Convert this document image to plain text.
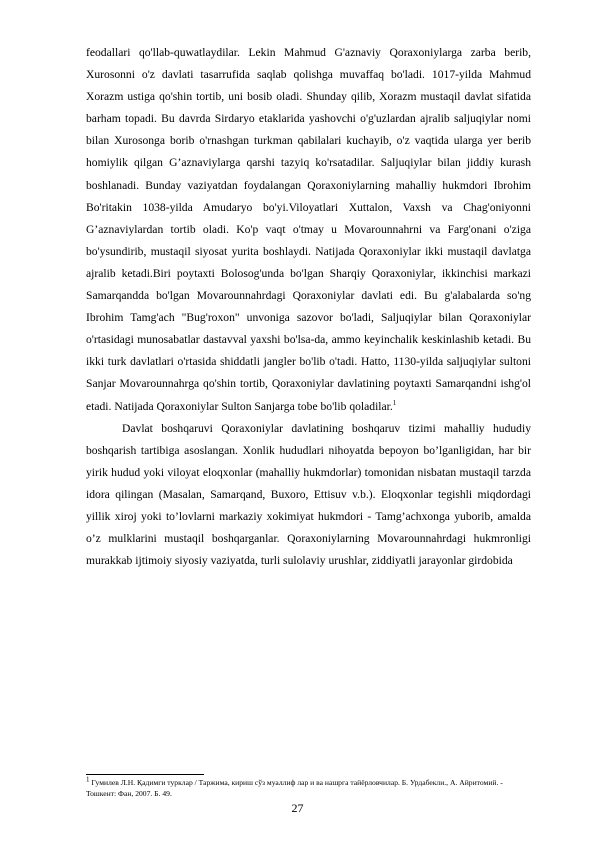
feodallari qo'llab-quwatlaydilar. Lekin Mahmud G'aznaviy Qoraxoniylarga zarba berib, Xurosonni o'z davlati tasarrufida saqlab qolishga muvaffaq bo'ladi. 1017-yilda Mahmud Xorazm ustiga qo'shin tortib, uni bosib oladi. Shunday qilib, Xorazm mustaqil davlat sifatida barham topadi. Bu davrda Sirdaryo etaklarida yashovchi o'g'uzlardan ajralib saljuqiylar nomi bilan Xurosonga borib o'rnashgan turkman qabilalari kuchayib, o'z vaqtida ularga yer berib homiylik qilgan G’aznaviylarga qarshi tazyiq ko'rsatadilar. Saljuqiylar bilan jiddiy kurash boshlanadi. Bunday vaziyatdan foydalangan Qoraxoniylarning mahalliy hukmdori Ibrohim Bo'ritakin 1038-yilda Amudaryo bo'yi.Viloyatlari Xuttalon, Vaxsh va Chag'oniyonni G’aznaviylardan tortib oladi. Ko'p vaqt o'tmay u Movarounnahrni va Farg'onani o'ziga bo'ysundirib, mustaqil siyosat yurita boshlaydi. Natijada Qoraxoniylar ikki mustaqil davlatga ajralib ketadi.Biri poytaxti Bolosog'unda bo'lgan Sharqiy Qoraxoniylar, ikkinchisi markazi Samarqandda bo'lgan Movarounnahrdagi Qoraxoniylar davlati edi. Bu g'alabalarda so'ng Ibrohim Tamg'ach "Bug'roxon" unvoniga sazovor bo'ladi, Saljuqiylar bilan Qoraxoniylar o'rtasidagi munosabatlar dastavval yaxshi bo'lsa-da, ammo keyinchalik keskinlashib ketadi. Bu ikki turk davlatlari o'rtasida shiddatli jangler bo'lib o'tadi. Hatto, 1130-yilda saljuqiylar sultoni Sanjar Movarounnahrga qo'shin tortib, Qoraxoniylar davlatining poytaxti Samarqandni ishg'ol etadi. Natijada Qoraxoniylar Sulton Sanjarga tobe bo'lib qoladilar.$^1$

Davlat boshqaruvi Qoraxoniylar davlatining boshqaruv tizimi mahalliy hududiy boshqarish tartibiga asoslangan. Xonlik hududlari nihoyatda bepoyon bo’lganligidan, har bir yirik hudud yoki viloyat eloqxonlar (mahalliy hukmdorlar) tomonidan nisbatan mustaqil tarzda idora qilingan (Masalan, Samarqand, Buxoro, Ettisuv v.b.). Eloqxonlar tegishli miqdordagi yillik xiroj yoki to’lovlarni markaziy xokimiyat hukmdori - Tamg’achxonga yuborib, amalda o’z mulklarini mustaqil boshqarganlar. Qoraxoniylarning Movarounnahrdagi hukmronligi murakkab ijtimoiy siyosiy vaziyatda, turli sulolaviy urushlar, ziddiyatli jarayonlar girdobida

$^1$ Гумилев Л.Н. Қадимги турклар / Таржима, кириш сўз муаллиф лар и ва нашрга тайёрловчилар. Б. Урдабекли., А. Айритомий. - Тошкент: Фан, 2007. Б. 49.

27
